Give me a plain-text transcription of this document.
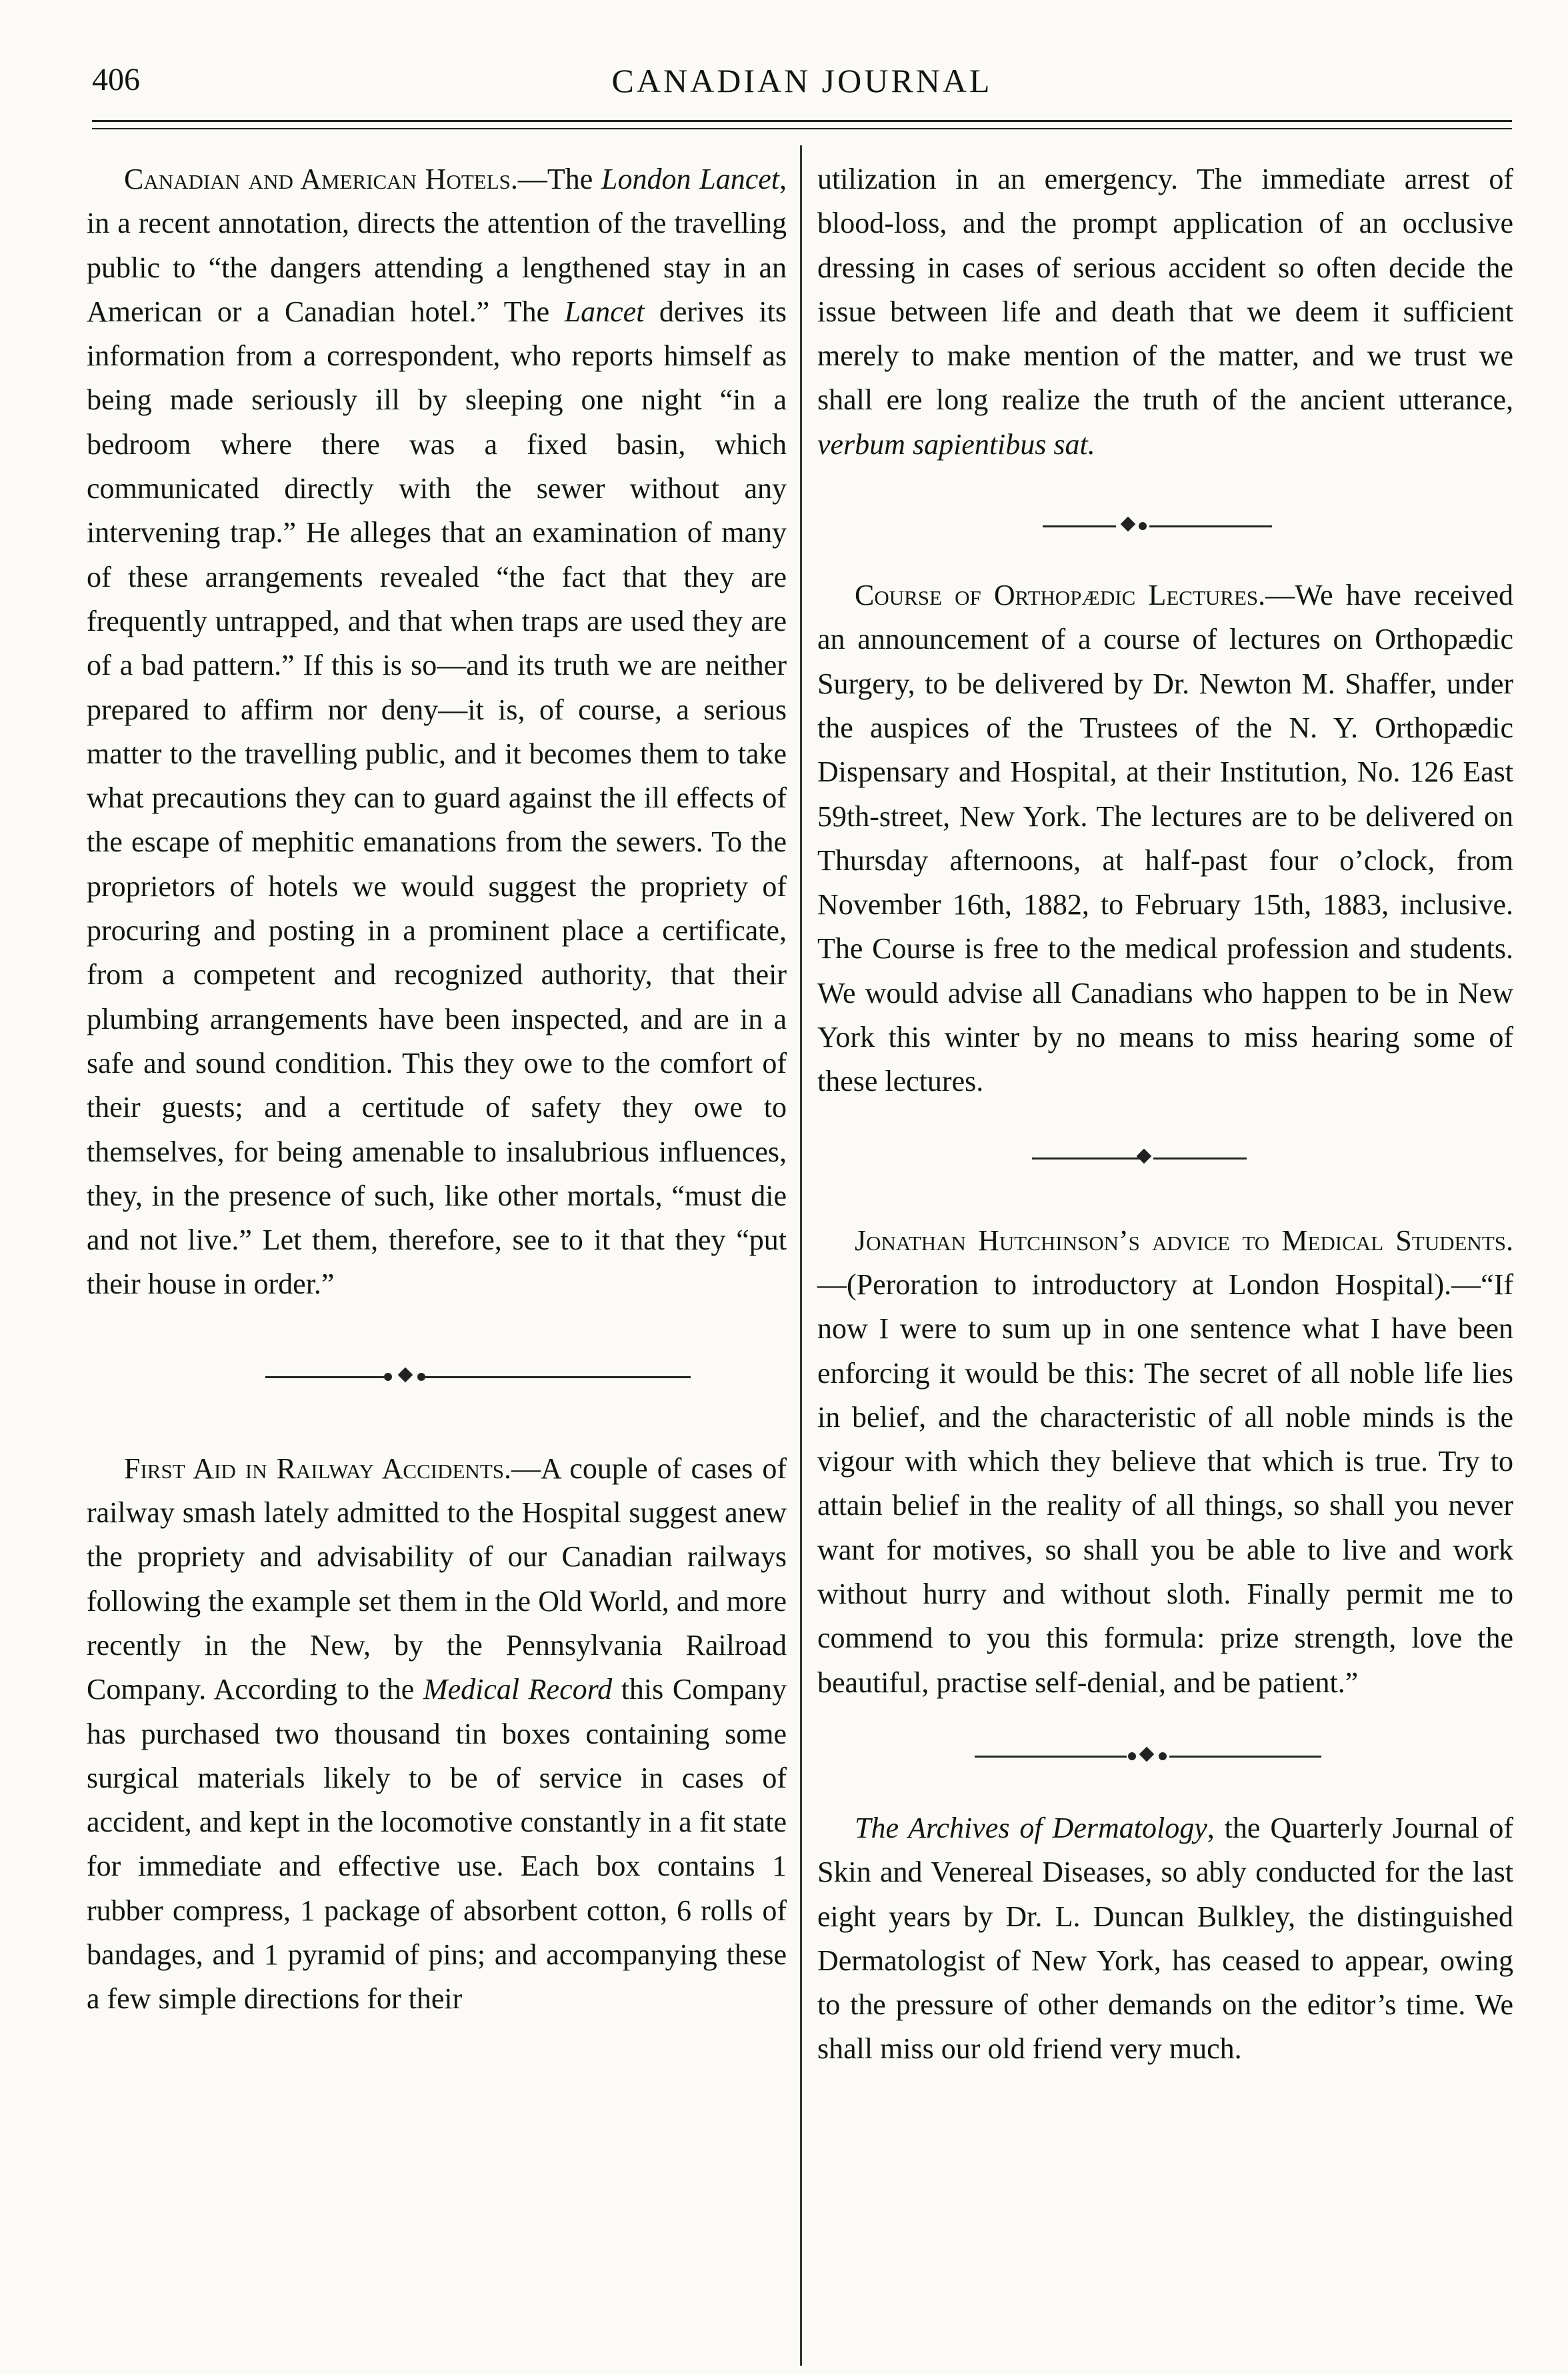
406	CANADIAN JOURNAL

Canadian and American Hotels.—The London Lancet, in a recent annotation, directs the attention of the travelling public to “the dangers attending a lengthened stay in an American or a Canadian hotel.” The Lancet derives its information from a correspondent, who reports himself as being made seriously ill by sleeping one night “in a bedroom where there was a fixed basin, which communicated directly with the sewer without any intervening trap.” He alleges that an examination of many of these arrangements revealed “the fact that they are frequently untrapped, and that when traps are used they are of a bad pattern.” If this is so—and its truth we are neither prepared to affirm nor deny—it is, of course, a serious matter to the travelling public, and it becomes them to take what precautions they can to guard against the ill effects of the escape of mephitic emanations from the sewers. To the proprietors of hotels we would suggest the propriety of procuring and posting in a prominent place a certificate, from a competent and recognized authority, that their plumbing arrangements have been inspected, and are in a safe and sound condition. This they owe to the comfort of their guests; and a certitude of safety they owe to themselves, for being amenable to insalubrious influences, they, in the presence of such, like other mortals, “must die and not live.” Let them, therefore, see to it that they “put their house in order.”

First Aid in Railway Accidents.—A couple of cases of railway smash lately admitted to the Hospital suggest anew the propriety and advisability of our Canadian railways following the example set them in the Old World, and more recently in the New, by the Pennsylvania Railroad Company. According to the Medical Record this Company has purchased two thousand tin boxes containing some surgical materials likely to be of service in cases of accident, and kept in the locomotive constantly in a fit state for immediate and effective use. Each box contains 1 rubber compress, 1 package of absorbent cotton, 6 rolls of bandages, and 1 pyramid of pins; and accompanying these a few simple directions for their

utilization in an emergency. The immediate arrest of blood-loss, and the prompt application of an occlusive dressing in cases of serious accident so often decide the issue between life and death that we deem it sufficient merely to make mention of the matter, and we trust we shall ere long realize the truth of the ancient utterance, verbum sapientibus sat.

Course of Orthopædic Lectures.—We have received an announcement of a course of lectures on Orthopædic Surgery, to be delivered by Dr. Newton M. Shaffer, under the auspices of the Trustees of the N. Y. Orthopædic Dispensary and Hospital, at their Institution, No. 126 East 59th-street, New York. The lectures are to be delivered on Thursday afternoons, at half-past four o’clock, from November 16th, 1882, to February 15th, 1883, inclusive. The Course is free to the medical profession and students. We would advise all Canadians who happen to be in New York this winter by no means to miss hearing some of these lectures.

Jonathan Hutchinson’s advice to Medical Students.—(Peroration to introductory at London Hospital).—“If now I were to sum up in one sentence what I have been enforcing it would be this: The secret of all noble life lies in belief, and the characteristic of all noble minds is the vigour with which they believe that which is true. Try to attain belief in the reality of all things, so shall you never want for motives, so shall you be able to live and work without hurry and without sloth. Finally permit me to commend to you this formula: prize strength, love the beautiful, practise self-denial, and be patient.”

The Archives of Dermatology, the Quarterly Journal of Skin and Venereal Diseases, so ably conducted for the last eight years by Dr. L. Duncan Bulkley, the distinguished Dermatologist of New York, has ceased to appear, owing to the pressure of other demands on the editor’s time. We shall miss our old friend very much.
